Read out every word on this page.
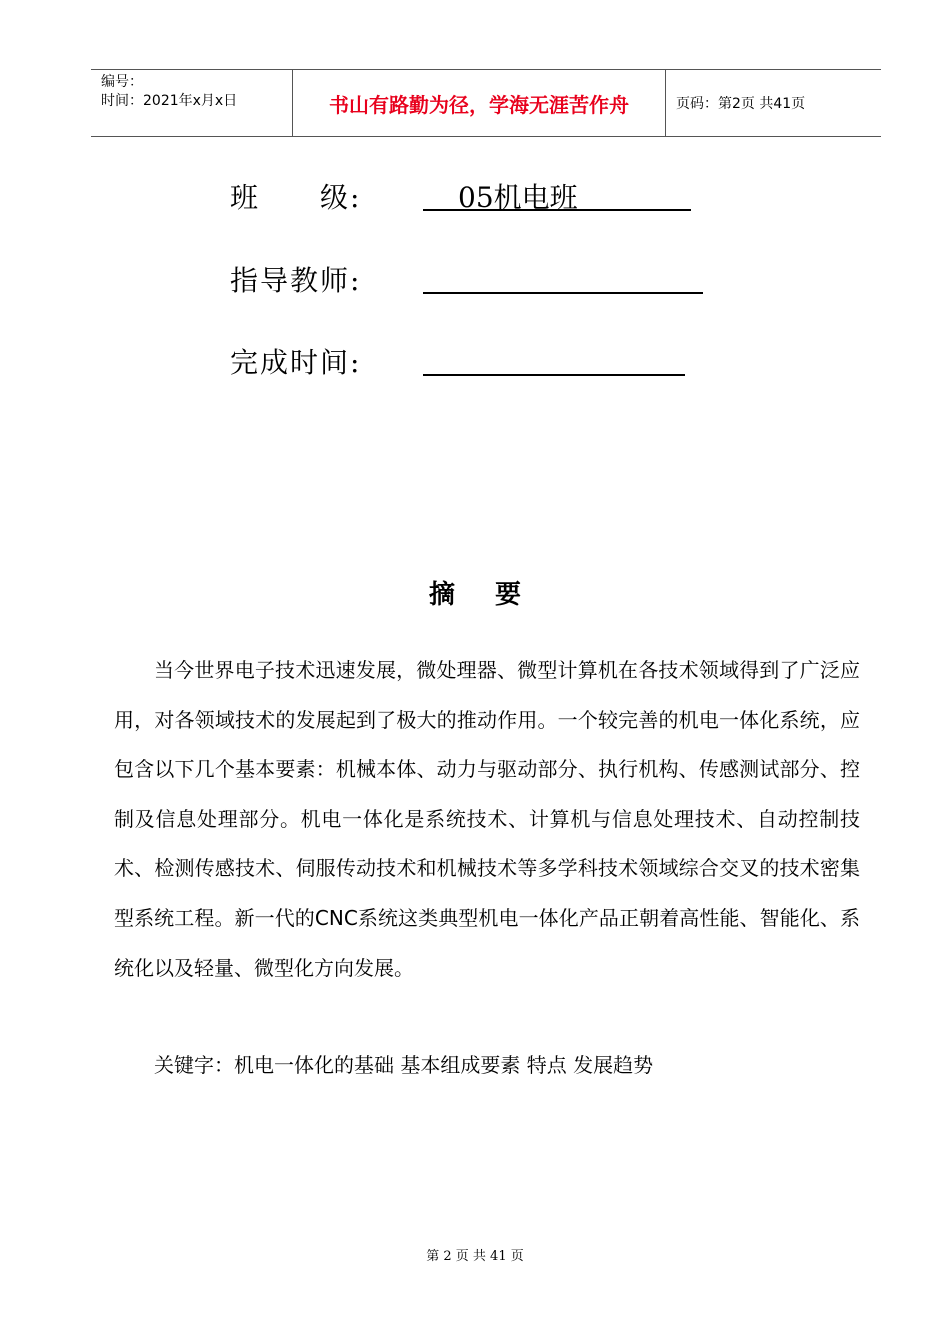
编号：
时间：2021年x月x日	书山有路勤为径，学海无涯苦作舟	页码：第2页 共41页
班　　级:	05机电班
指导教师:
完成时间:
摘要
当今世界电子技术迅速发展，微处理器、微型计算机在各技术领域得到了广泛应用，对各领域技术的发展起到了极大的推动作用。一个较完善的机电一体化系统，应包含以下几个基本要素：机械本体、动力与驱动部分、执行机构、传感测试部分、控制及信息处理部分。机电一体化是系统技术、计算机与信息处理技术、自动控制技术、检测传感技术、伺服传动技术和机械技术等多学科技术领域综合交叉的技术密集型系统工程。新一代的CNC系统这类典型机电一体化产品正朝着高性能、智能化、系统化以及轻量、微型化方向发展。
关键字：机电一体化的基础 基本组成要素 特点 发展趋势
第 2 页 共 41 页
